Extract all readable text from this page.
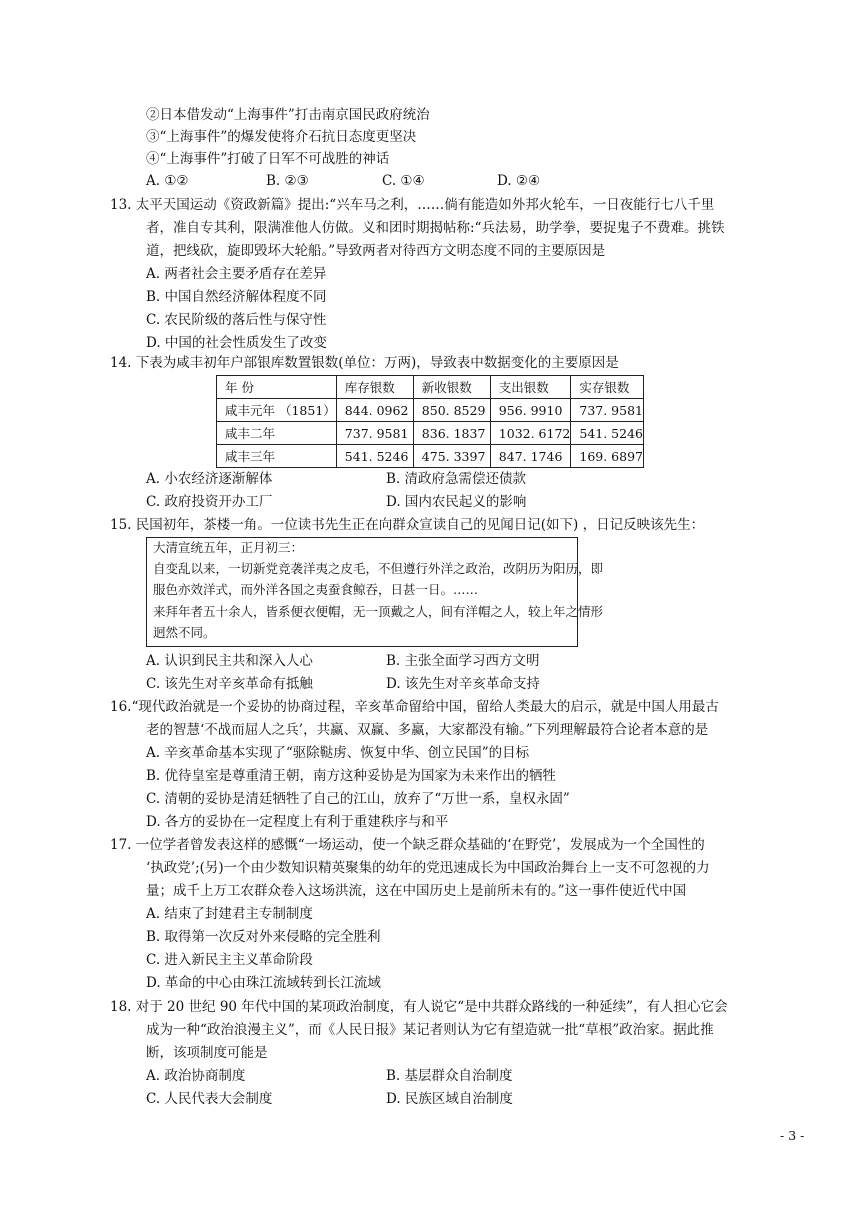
②日本借发动“上海事件”打击南京国民政府统治
③“上海事件”的爆发使将介石抗日态度更坚决
④“上海事件”打破了日军不可战胜的神话
A. ①②	B. ②③	C. ①④	D. ②④
13. 太平天国运动《资政新篇》提出:“兴车马之利，……倘有能造如外邦火轮车，一日夜能行七八千里
者，准自专其利，限满准他人仿做。义和团时期揭帖称:“兵法易，助学拳，要捉鬼子不费难。挑铁
道，把线砍，旋即毁坏大轮船。”导致两者对待西方文明态度不同的主要原因是
A. 两者社会主要矛盾存在差异
B. 中国自然经济解体程度不同
C. 农民阶级的落后性与保守性
D. 中国的社会性质发生了改变
14. 下表为咸丰初年户部银库数置银数(单位：万两)，导致表中数据变化的主要原因是
年 份	库存银数	新收银数	支出银数	实存银数
咸丰元年 （1851）	844. 0962	850. 8529	956. 9910	737. 9581
咸丰二年	737. 9581	836. 1837	1032. 6172	541. 5246
咸丰三年	541. 5246	475. 3397	847. 1746	169. 6897
A. 小农经济逐渐解体	B. 清政府急需偿还债款
C. 政府投资开办工厂	D. 国内农民起义的影响
15. 民国初年，茶楼一角。一位读书先生正在向群众宣读自己的见闻日记(如下) ，日记反映该先生：
大清宣统五年，正月初三：
自变乱以来，一切新党竞袭洋夷之皮毛，不但遵行外洋之政治，改阴历为阳历，即
服色亦效洋式，而外洋各国之夷蚕食鲸吞，日甚一日。……
来拜年者五十余人，皆系便衣便帽，无一顶戴之人，间有洋帽之人，较上年之情形
迥然不同。
A. 认识到民主共和深入人心	B. 主张全面学习西方文明
C. 该先生对辛亥革命有抵触	D. 该先生对辛亥革命支持
16.“现代政治就是一个妥协的协商过程，辛亥革命留给中国，留给人类最大的启示，就是中国人用最古
老的智慧‘不战而屈人之兵’，共赢、双赢、多赢，大家都没有输。”下列理解最符合论者本意的是
A. 辛亥革命基本实现了“驱除鞑虏、恢复中华、创立民国”的目标
B. 优待皇室是尊重清王朝，南方这种妥协是为国家为未来作出的牺牲
C. 清朝的妥协是清廷牺牲了自己的江山，放弃了“万世一系，皇权永固”
D. 各方的妥协在一定程度上有利于重建秩序与和平
17. 一位学者曾发表这样的感慨“一场运动，使一个缺乏群众基础的‘在野党’，发展成为一个全国性的
‘执政党’;(另)一个由少数知识精英聚集的幼年的党迅速成长为中国政治舞台上一支不可忽视的力
量；成千上万工农群众卷入这场洪流，这在中国历史上是前所未有的。”这一事件使近代中国
A. 结束了封建君主专制制度
B. 取得第一次反对外来侵略的完全胜利
C. 进入新民主主义革命阶段
D. 革命的中心由珠江流域转到长江流域
18. 对于 20 世纪 90 年代中国的某项政治制度，有人说它“是中共群众路线的一种延续”，有人担心它会
成为一种“政治浪漫主义”，而《人民日报》某记者则认为它有望造就一批“草根”政治家。据此推
断，该项制度可能是
A. 政治协商制度	B. 基层群众自治制度
C. 人民代表大会制度	D. 民族区域自治制度
- 3 -
